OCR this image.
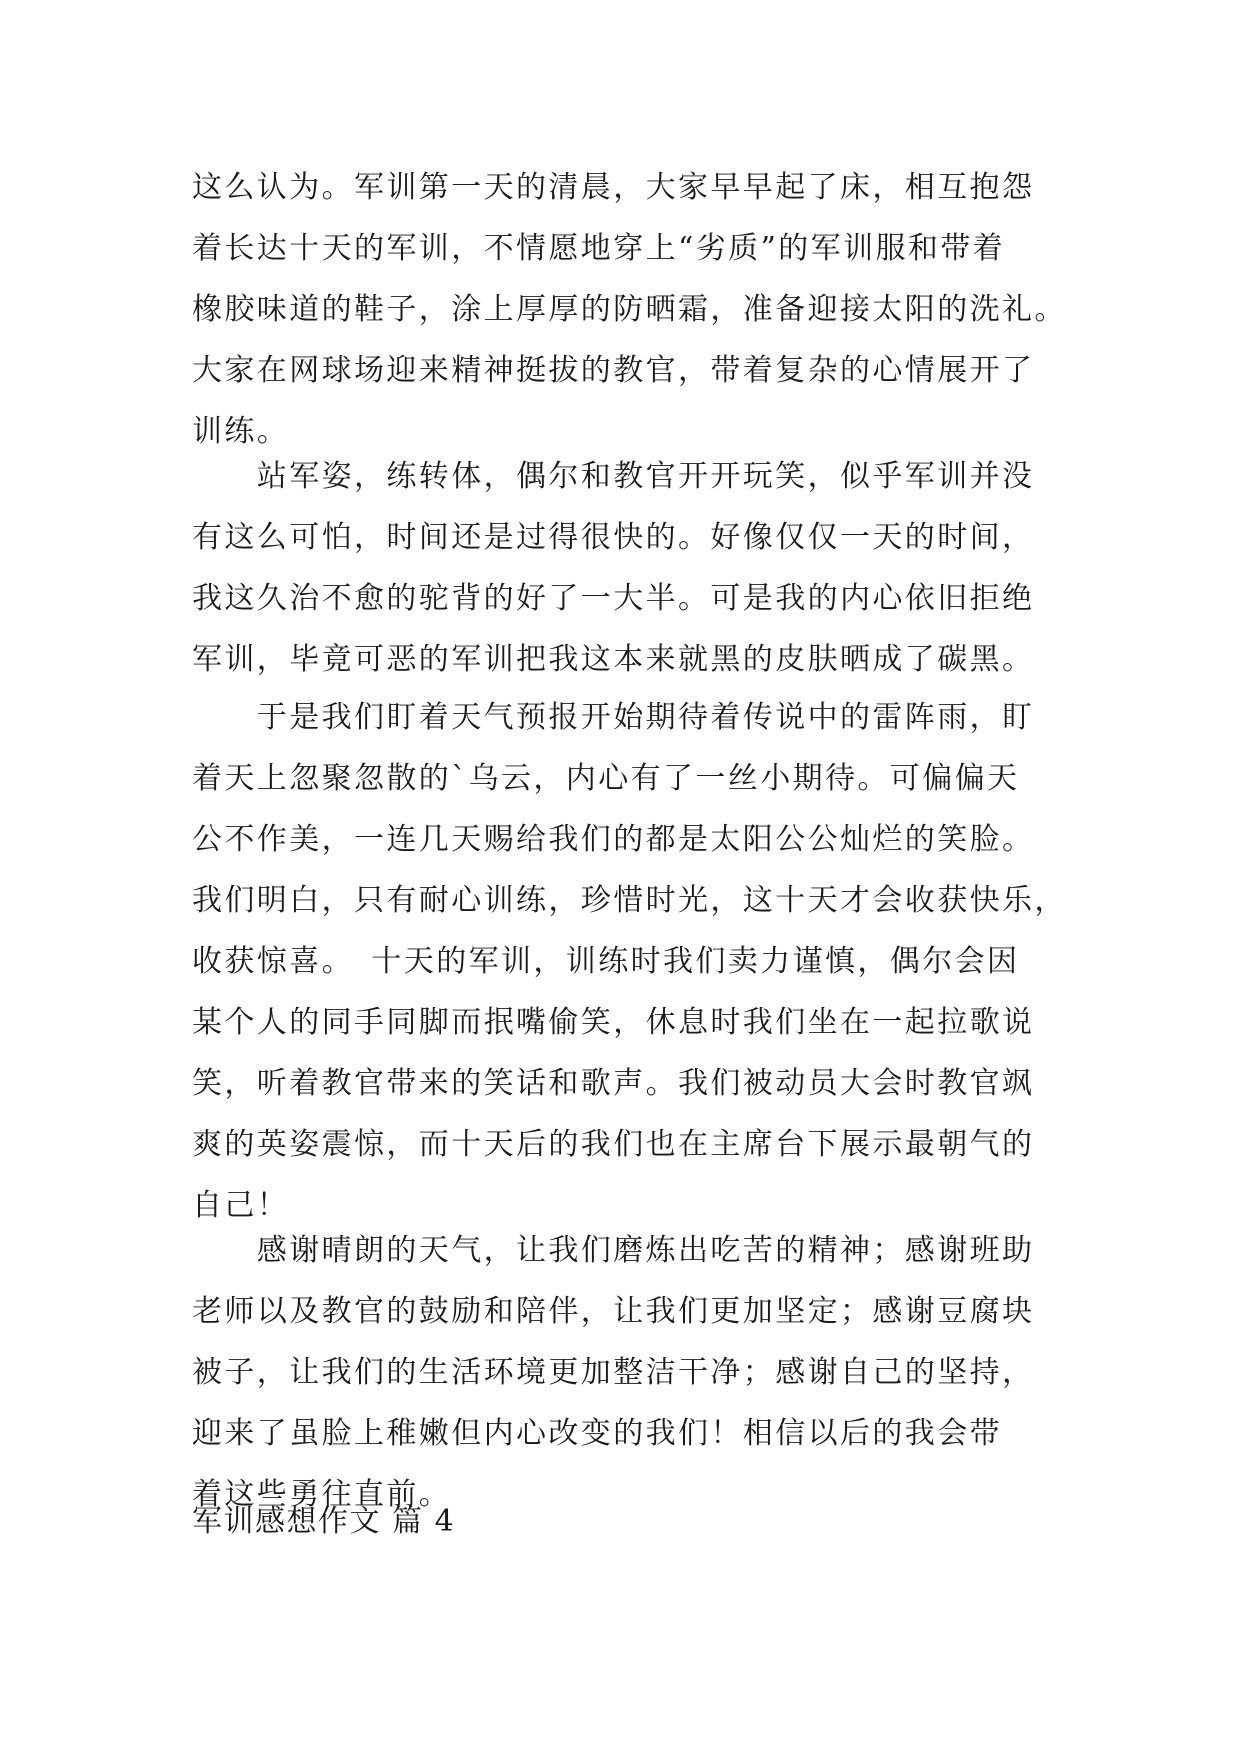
这么认为。军训第一天的清晨，大家早早起了床，相互抱怨
着长达十天的军训，不情愿地穿上“劣质”的军训服和带着
橡胶味道的鞋子，涂上厚厚的防晒霜，准备迎接太阳的洗礼。
大家在网球场迎来精神挺拔的教官，带着复杂的心情展开了
训练。
　　站军姿，练转体，偶尔和教官开开玩笑，似乎军训并没
有这么可怕，时间还是过得很快的。好像仅仅一天的时间，
我这久治不愈的驼背的好了一大半。可是我的内心依旧拒绝
军训，毕竟可恶的军训把我这本来就黑的皮肤晒成了碳黑。
　　于是我们盯着天气预报开始期待着传说中的雷阵雨，盯
着天上忽聚忽散的`乌云，内心有了一丝小期待。可偏偏天
公不作美，一连几天赐给我们的都是太阳公公灿烂的笑脸。
我们明白，只有耐心训练，珍惜时光，这十天才会收获快乐，
收获惊喜。　十天的军训，训练时我们卖力谨慎，偶尔会因
某个人的同手同脚而抿嘴偷笑，休息时我们坐在一起拉歌说
笑，听着教官带来的笑话和歌声。我们被动员大会时教官飒
爽的英姿震惊，而十天后的我们也在主席台下展示最朝气的
自己！
　　感谢晴朗的天气，让我们磨炼出吃苦的精神；感谢班助
老师以及教官的鼓励和陪伴，让我们更加坚定；感谢豆腐块
被子，让我们的生活环境更加整洁干净；感谢自己的坚持，
迎来了虽脸上稚嫩但内心改变的我们！相信以后的我会带
着这些勇往直前。
军训感想作文 篇 4
